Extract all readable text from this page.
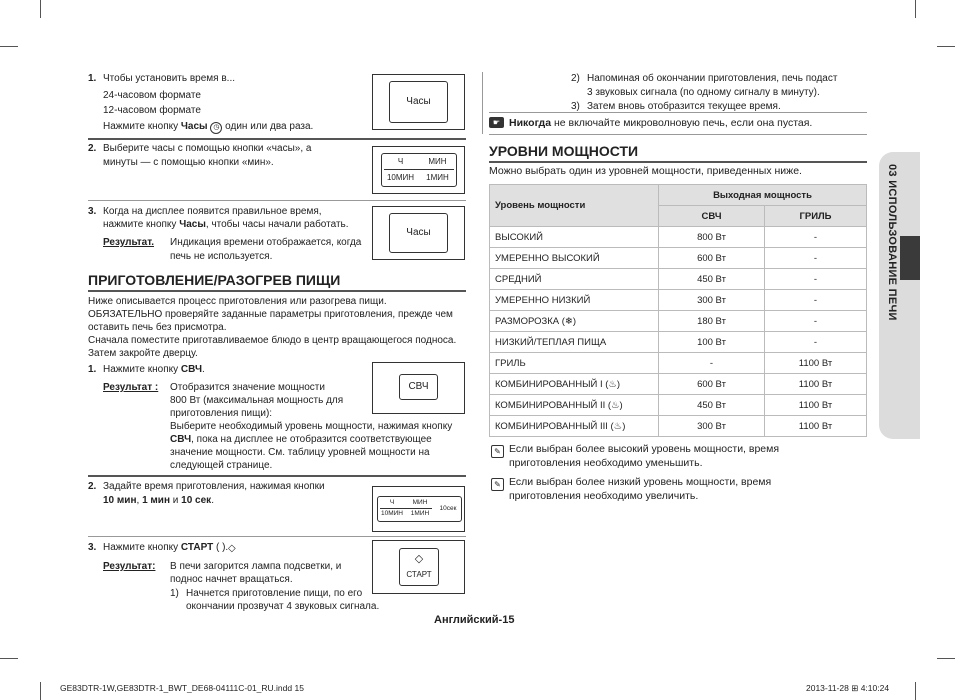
1. Чтобы установить время в...
24-часовом формате
12-часовом формате
Нажмите кнопку Часы ◷ один или два раза.
Часы
2. Выберите часы с помощью кнопки «часы», а
минуты — с помощью кнопки «мин».	Ч	МИН
10МИН	1МИН
3. Когда на дисплее появится правильное время,
нажмите кнопку Часы, чтобы часы начали работать.
Результат. Индикация времени отображается, когда
печь не используется.
Часы
ПРИГОТОВЛЕНИЕ/РАЗОГРЕВ ПИЩИ
Ниже описывается процесс приготовления или разогрева пищи.
ОБЯЗАТЕЛЬНО проверяйте заданные параметры приготовления, прежде чем
оставить печь без присмотра.
Сначала поместите приготавливаемое блюдо в центр вращающегося подноса.
Затем закройте дверцу.
1. Нажмите кнопку СВЧ.
Результат : Отобразится значение мощности
800 Вт (максимальная мощность для
приготовления пищи):
Выберите необходимый уровень мощности, нажимая кнопку
СВЧ, пока на дисплее не отобразится соответствующее
значение мощности. См. таблицу уровней мощности на
следующей странице.
СВЧ
2. Задайте время приготовления, нажимая кнопки
10 мин, 1 мин и 10 сек.	Ч	МИН
10МИН	1МИН
10сек
3. Нажмите кнопку СТАРТ ( ). ◇
Результат: В печи загорится лампа подсветки, и
поднос начнет вращаться.
1) Начнется приготовление пищи, по его
окончании прозвучат 4 звуковых сигнала.
◇
СТАРТ
2) Напоминая об окончании приготовления, печь подаст
3 звуковых сигнала (по одному сигналу в минуту).
3) Затем вновь отобразится текущее время.
☛ Никогда не включайте микроволновую печь, если она пустая.
УРОВНИ МОЩНОСТИ
Можно выбрать один из уровней мощности, приведенных ниже.
Уровень мощности	Выходная мощность	
	СВЧ	ГРИЛЬ
ВЫСОКИЙ	800 Вт	-
УМЕРЕННО ВЫСОКИЙ	600 Вт	-
СРЕДНИЙ	450 Вт	-
УМЕРЕННО НИЗКИЙ	300 Вт	-
РАЗМОРОЗКА (❄)	180 Вт	-
НИЗКИЙ/ТЕПЛАЯ ПИЩА	100 Вт	-
ГРИЛЬ	-	1100 Вт
КОМБИНИРОВАННЫЙ I (♨)	600 Вт	1100 Вт
КОМБИНИРОВАННЫЙ II (♨)	450 Вт	1100 Вт
КОМБИНИРОВАННЫЙ III (♨)	300 Вт	1100 Вт
✎ Если выбран более высокий уровень мощности, время
приготовления необходимо уменьшить.
✎ Если выбран более низкий уровень мощности, время
приготовления необходимо увеличить.
03 ИСПОЛЬЗОВАНИЕ ПЕЧИ
Английский-15
GE83DTR-1W,GE83DTR-1_BWT_DE68-04111C-01_RU.indd 15	2013-11-28 ⊞ 4:10:24
